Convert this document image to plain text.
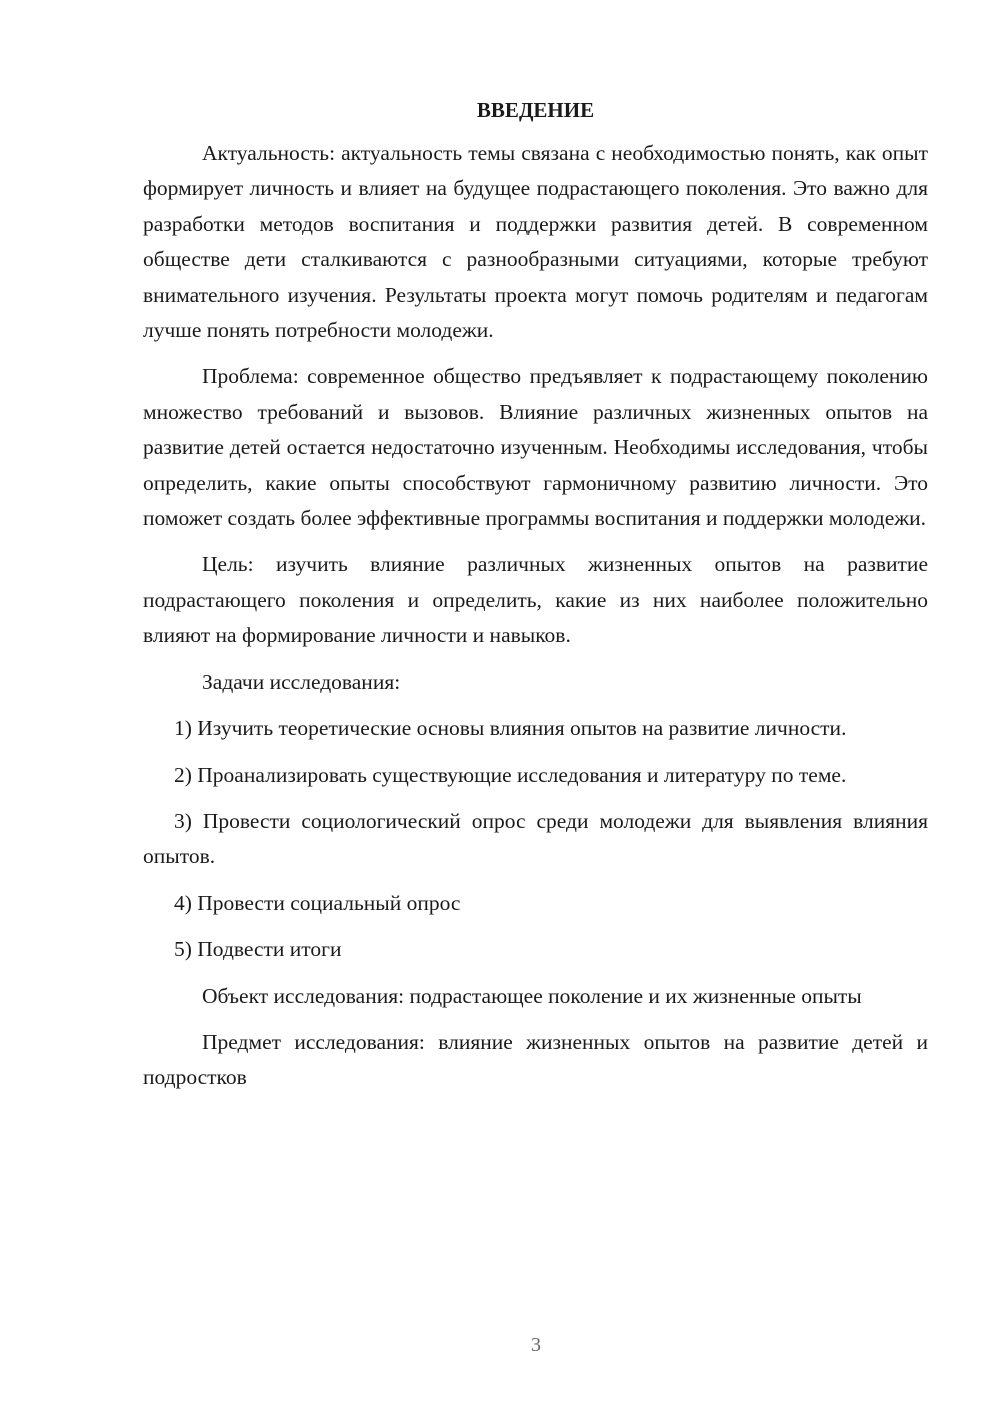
ВВЕДЕНИЕ

Актуальность: актуальность темы связана с необходимостью понять, как опыт формирует личность и влияет на будущее подрастающего поколения. Это важно для разработки методов воспитания и поддержки развития детей. В современном обществе дети сталкиваются с разнообразными ситуациями, которые требуют внимательного изучения. Результаты проекта могут помочь родителям и педагогам лучше понять потребности молодежи.

Проблема: современное общество предъявляет к подрастающему поколению множество требований и вызовов. Влияние различных жизненных опытов на развитие детей остается недостаточно изученным. Необходимы исследования, чтобы определить, какие опыты способствуют гармоничному развитию личности. Это поможет создать более эффективные программы воспитания и поддержки молодежи.

Цель: изучить влияние различных жизненных опытов на развитие подрастающего поколения и определить, какие из них наиболее положительно влияют на формирование личности и навыков.

Задачи исследования:

1) Изучить теоретические основы влияния опытов на развитие личности.

2) Проанализировать существующие исследования и литературу по теме.

3) Провести социологический опрос среди молодежи для выявления влияния опытов.

4) Провести социальный опрос

5) Подвести итоги

Объект исследования: подрастающее поколение и их жизненные опыты

Предмет исследования: влияние жизненных опытов на развитие детей и подростков

3
